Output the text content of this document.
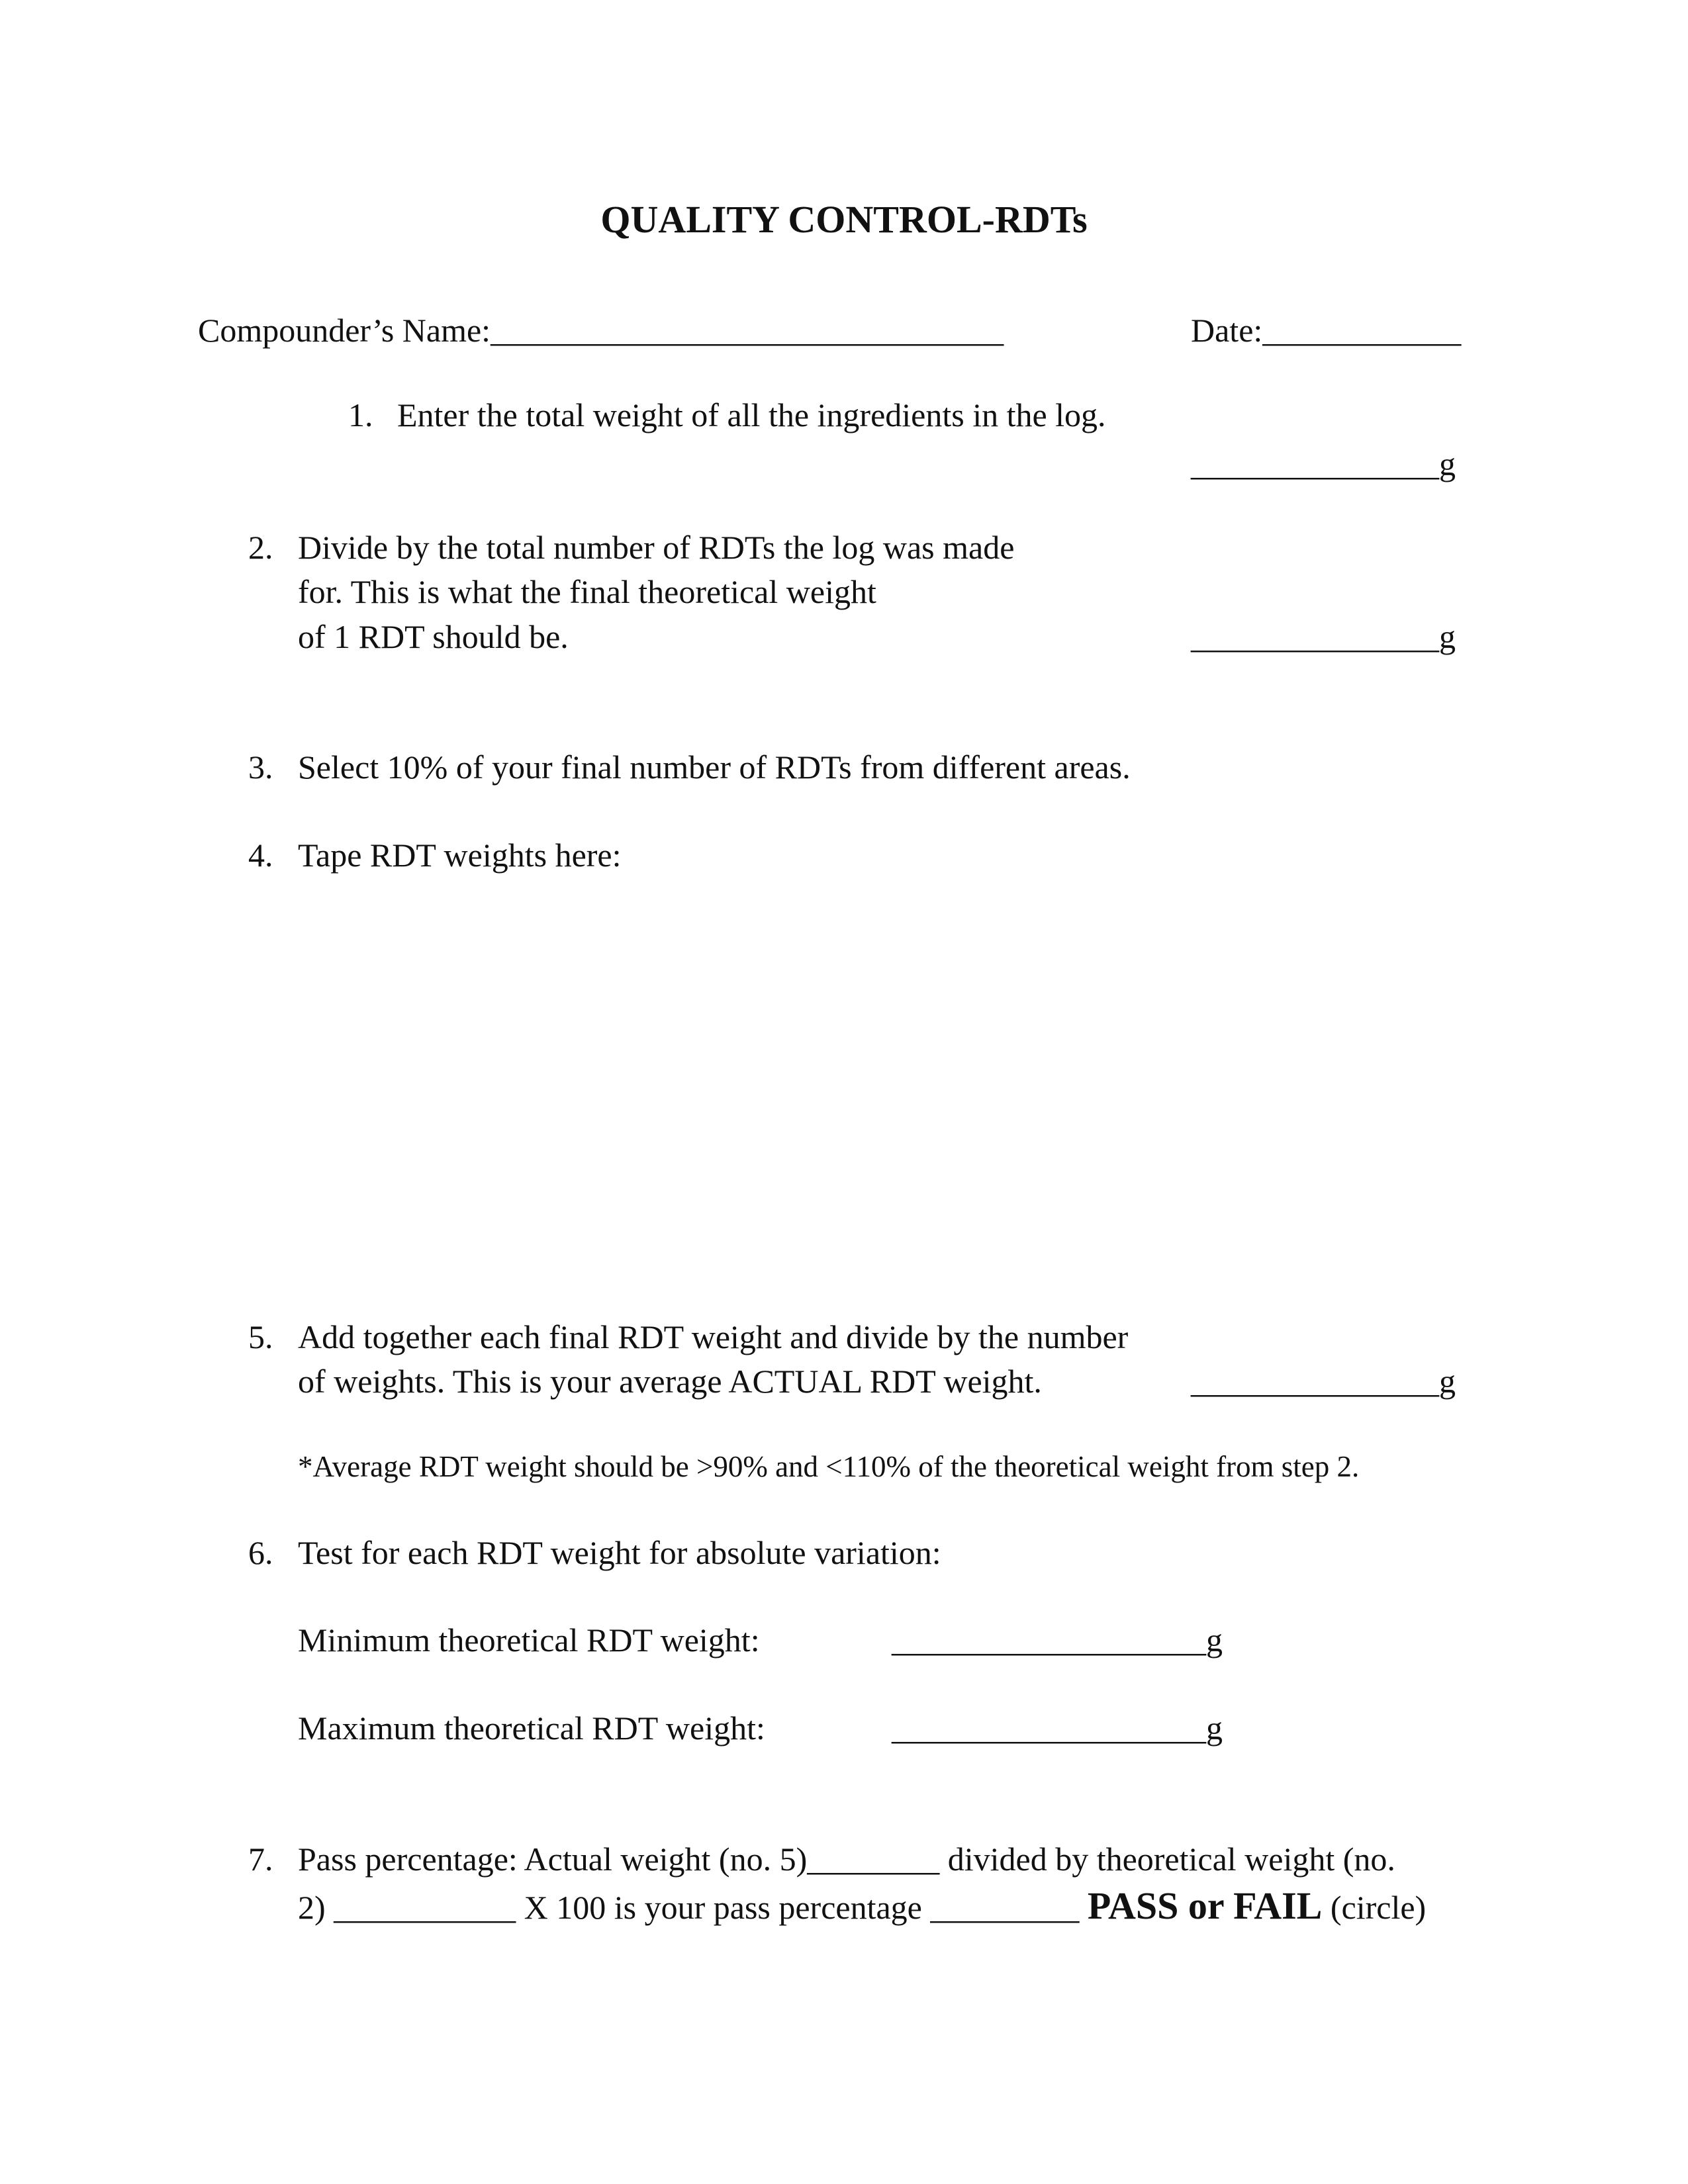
QUALITY CONTROL-RDTs
Compounder’s Name:_______________________________	Date:____________
1. Enter the total weight of all the ingredients in the log.
_______________g
2. Divide by the total number of RDTs the log was made
for. This is what the final theoretical weight
of 1 RDT should be.	_______________g
3. Select 10% of your final number of RDTs from different areas.
4. Tape RDT weights here:
5. Add together each final RDT weight and divide by the number
of weights. This is your average ACTUAL RDT weight.	_______________g
*Average RDT weight should be >90% and <110% of the theoretical weight from step 2.
6. Test for each RDT weight for absolute variation:
Minimum theoretical RDT weight:	___________________g
Maximum theoretical RDT weight:	___________________g
7. Pass percentage: Actual weight (no. 5)________ divided by theoretical weight (no.
2) ___________ X 100 is your pass percentage _________ PASS or FAIL (circle)
